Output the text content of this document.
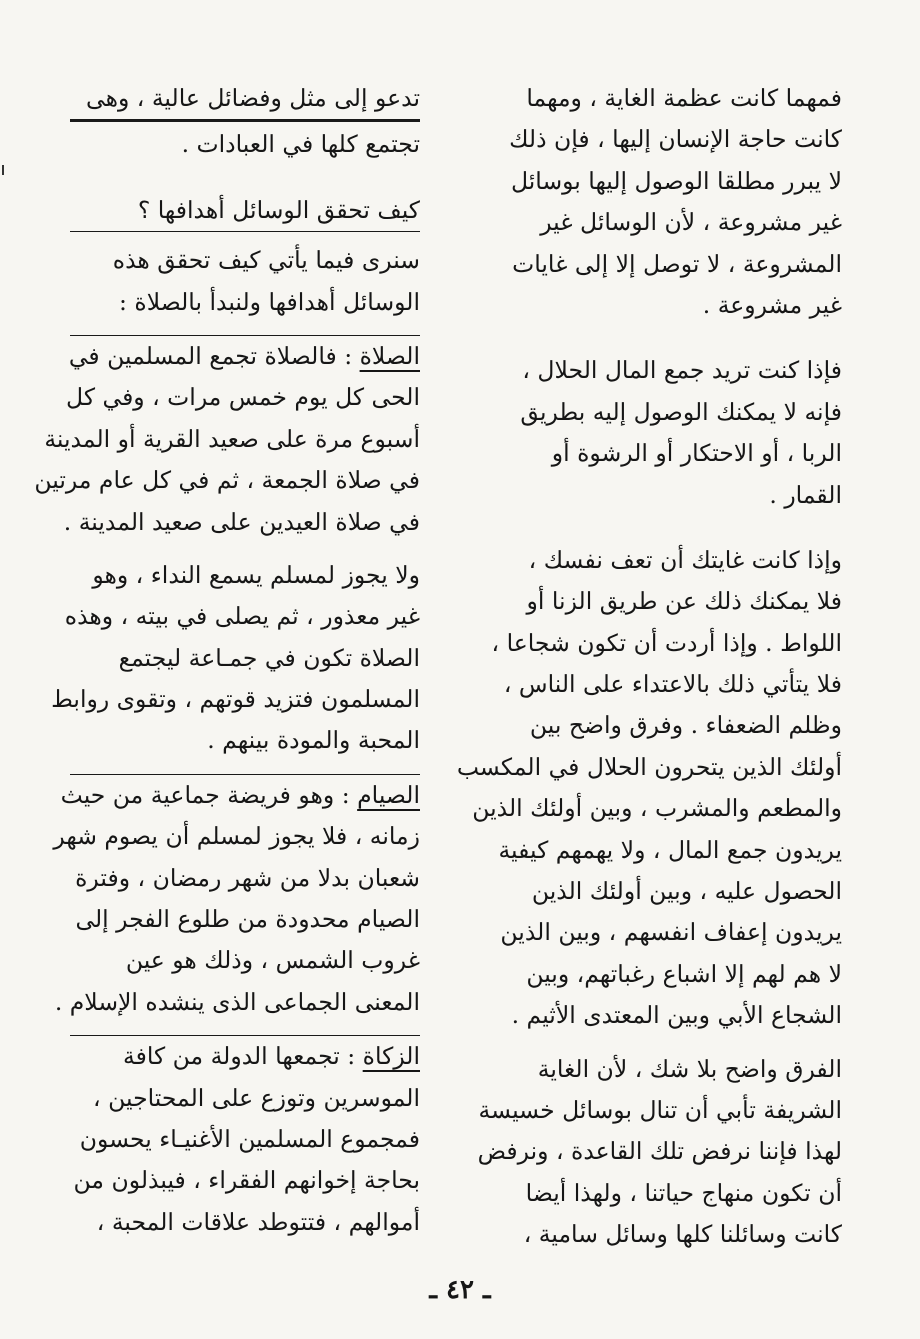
فمهما كانت عظمة الغاية ، ومهما
كانت حاجة الإنسان إليها ، فإن ذلك
لا يبرر مطلقا الوصول إليها بوسائل
غير مشروعة ، لأن الوسائل غير
المشروعة ، لا توصل إلا إلى غايات
غير مشروعة .
فإذا كنت تريد جمع المال الحلال ،
فإنه لا يمكنك الوصول إليه بطريق
الربا ، أو الاحتكار أو الرشوة أو
القمار .
وإذا كانت غايتك أن تعف نفسك ،
فلا يمكنك ذلك عن طريق الزنا أو
اللواط . وإذا أردت أن تكون شجاعا ،
فلا يتأتي ذلك بالاعتداء على الناس ،
وظلم الضعفاء . وفرق واضح بين
أولئك الذين يتحرون الحلال في المكسب
والمطعم والمشرب ، وبين أولئك الذين
يريدون جمع المال ، ولا يهمهم كيفية
الحصول عليه ، وبين أولئك الذين
يريدون إعفاف انفسهم ، وبين الذين
لا هم لهم إلا اشباع رغباتهم، وبين
الشجاع الأبي وبين المعتدى الأثيم .
الفرق واضح بلا شك ، لأن الغاية
الشريفة تأبي أن تنال بوسائل خسيسة
لهذا فإننا نرفض تلك القاعدة ، ونرفض
أن تكون منهاج حياتنا ، ولهذا أيضا
كانت وسائلنا كلها وسائل سامية ،
تدعو إلى مثل وفضائل عالية ، وهى
تجتمع كلها في العبادات .
كيف تحقق الوسائل أهدافها ؟
سنرى فيما يأتي كيف تحقق هذه
الوسائل أهدافها ولنبدأ بالصلاة :
الصلاة : فالصلاة تجمع المسلمين في
الحى كل يوم خمس مرات ، وفي كل
أسبوع مرة على صعيد القرية أو المدينة
في صلاة الجمعة ، ثم في كل عام مرتين
في صلاة العيدين على صعيد المدينة .
ولا يجوز لمسلم يسمع النداء ، وهو
غير معذور ، ثم يصلى في بيته ، وهذه
الصلاة تكون في جمـاعة ليجتمع
المسلمون فتزيد قوتهم ، وتقوى روابط
المحبة والمودة بينهم .
الصيام : وهو فريضة جماعية من حيث
زمانه ، فلا يجوز لمسلم أن يصوم شهر
شعبان بدلا من شهر رمضان ، وفترة
الصيام محدودة من طلوع الفجر إلى
غروب الشمس ، وذلك هو عين
المعنى الجماعى الذى ينشده الإسلام .
الزكاة : تجمعها الدولة من كافة
الموسرين وتوزع على المحتاجين ،
فمجموع المسلمين الأغنيـاء يحسون
بحاجة إخوانهم الفقراء ، فيبذلون من
أموالهم ، فتتوطد علاقات المحبة ،
ـ ٤٢ ـ
